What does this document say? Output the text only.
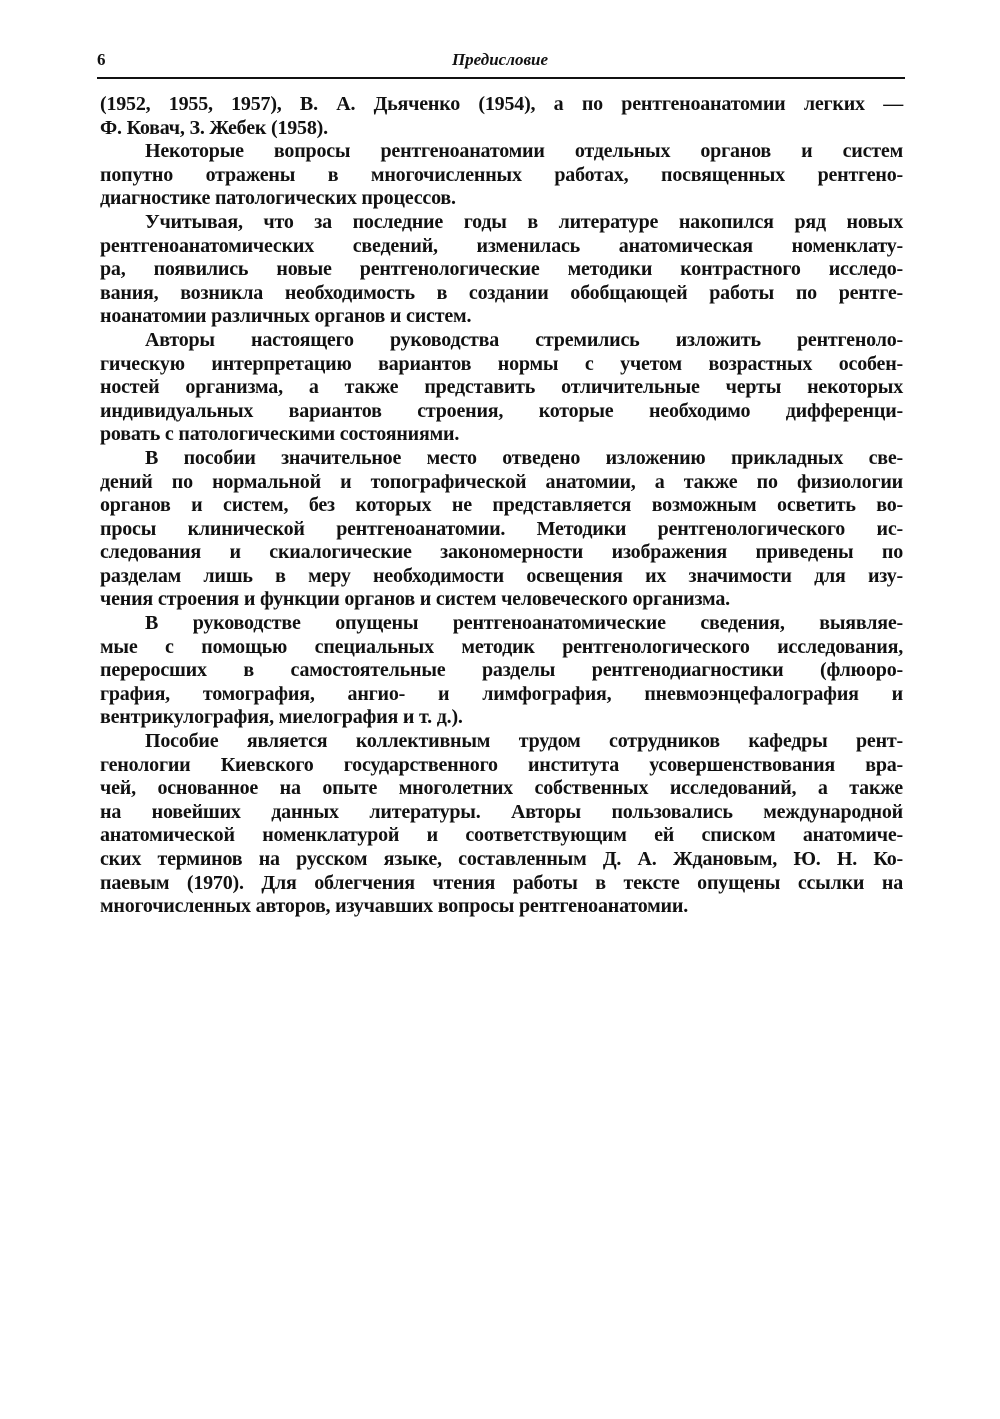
6	Предисловие
(1952, 1955, 1957), В. А. Дьяченко (1954), а по рентгеноанатомии легких —
Ф. Ковач, З. Жебек (1958).
Некоторые вопросы рентгеноанатомии отдельных органов и систем
попутно отражены в многочисленных работах, посвященных рентгено-
диагностике патологических процессов.
Учитывая, что за последние годы в литературе накопился ряд новых
рентгеноанатомических сведений, изменилась анатомическая номенклату-
ра, появились новые рентгенологические методики контрастного исследо-
вания, возникла необходимость в создании обобщающей работы по рентге-
ноанатомии различных органов и систем.
Авторы настоящего руководства стремились изложить рентгеноло-
гическую интерпретацию вариантов нормы с учетом возрастных особен-
ностей организма, а также представить отличительные черты некоторых
индивидуальных вариантов строения, которые необходимо дифференци-
ровать с патологическими состояниями.
В пособии значительное место отведено изложению прикладных све-
дений по нормальной и топографической анатомии, а также по физиологии
органов и систем, без которых не представляется возможным осветить во-
просы клинической рентгеноанатомии. Методики рентгенологического ис-
следования и скиалогические закономерности изображения приведены по
разделам лишь в меру необходимости освещения их значимости для изу-
чения строения и функции органов и систем человеческого организма.
В руководстве опущены рентгеноанатомические сведения, выявляе-
мые с помощью специальных методик рентгенологического исследования,
переросших в самостоятельные разделы рентгенодиагностики (флюоро-
графия, томография, ангио- и лимфография, пневмоэнцефалография и
вентрикулография, миелография и т. д.).
Пособие является коллективным трудом сотрудников кафедры рент-
генологии Киевского государственного института усовершенствования вра-
чей, основанное на опыте многолетних собственных исследований, а также
на новейших данных литературы. Авторы пользовались международной
анатомической номенклатурой и соответствующим ей списком анатомиче-
ских терминов на русском языке, составленным Д. А. Ждановым, Ю. Н. Ко-
паевым (1970). Для облегчения чтения работы в тексте опущены ссылки на
многочисленных авторов, изучавших вопросы рентгеноанатомии.
